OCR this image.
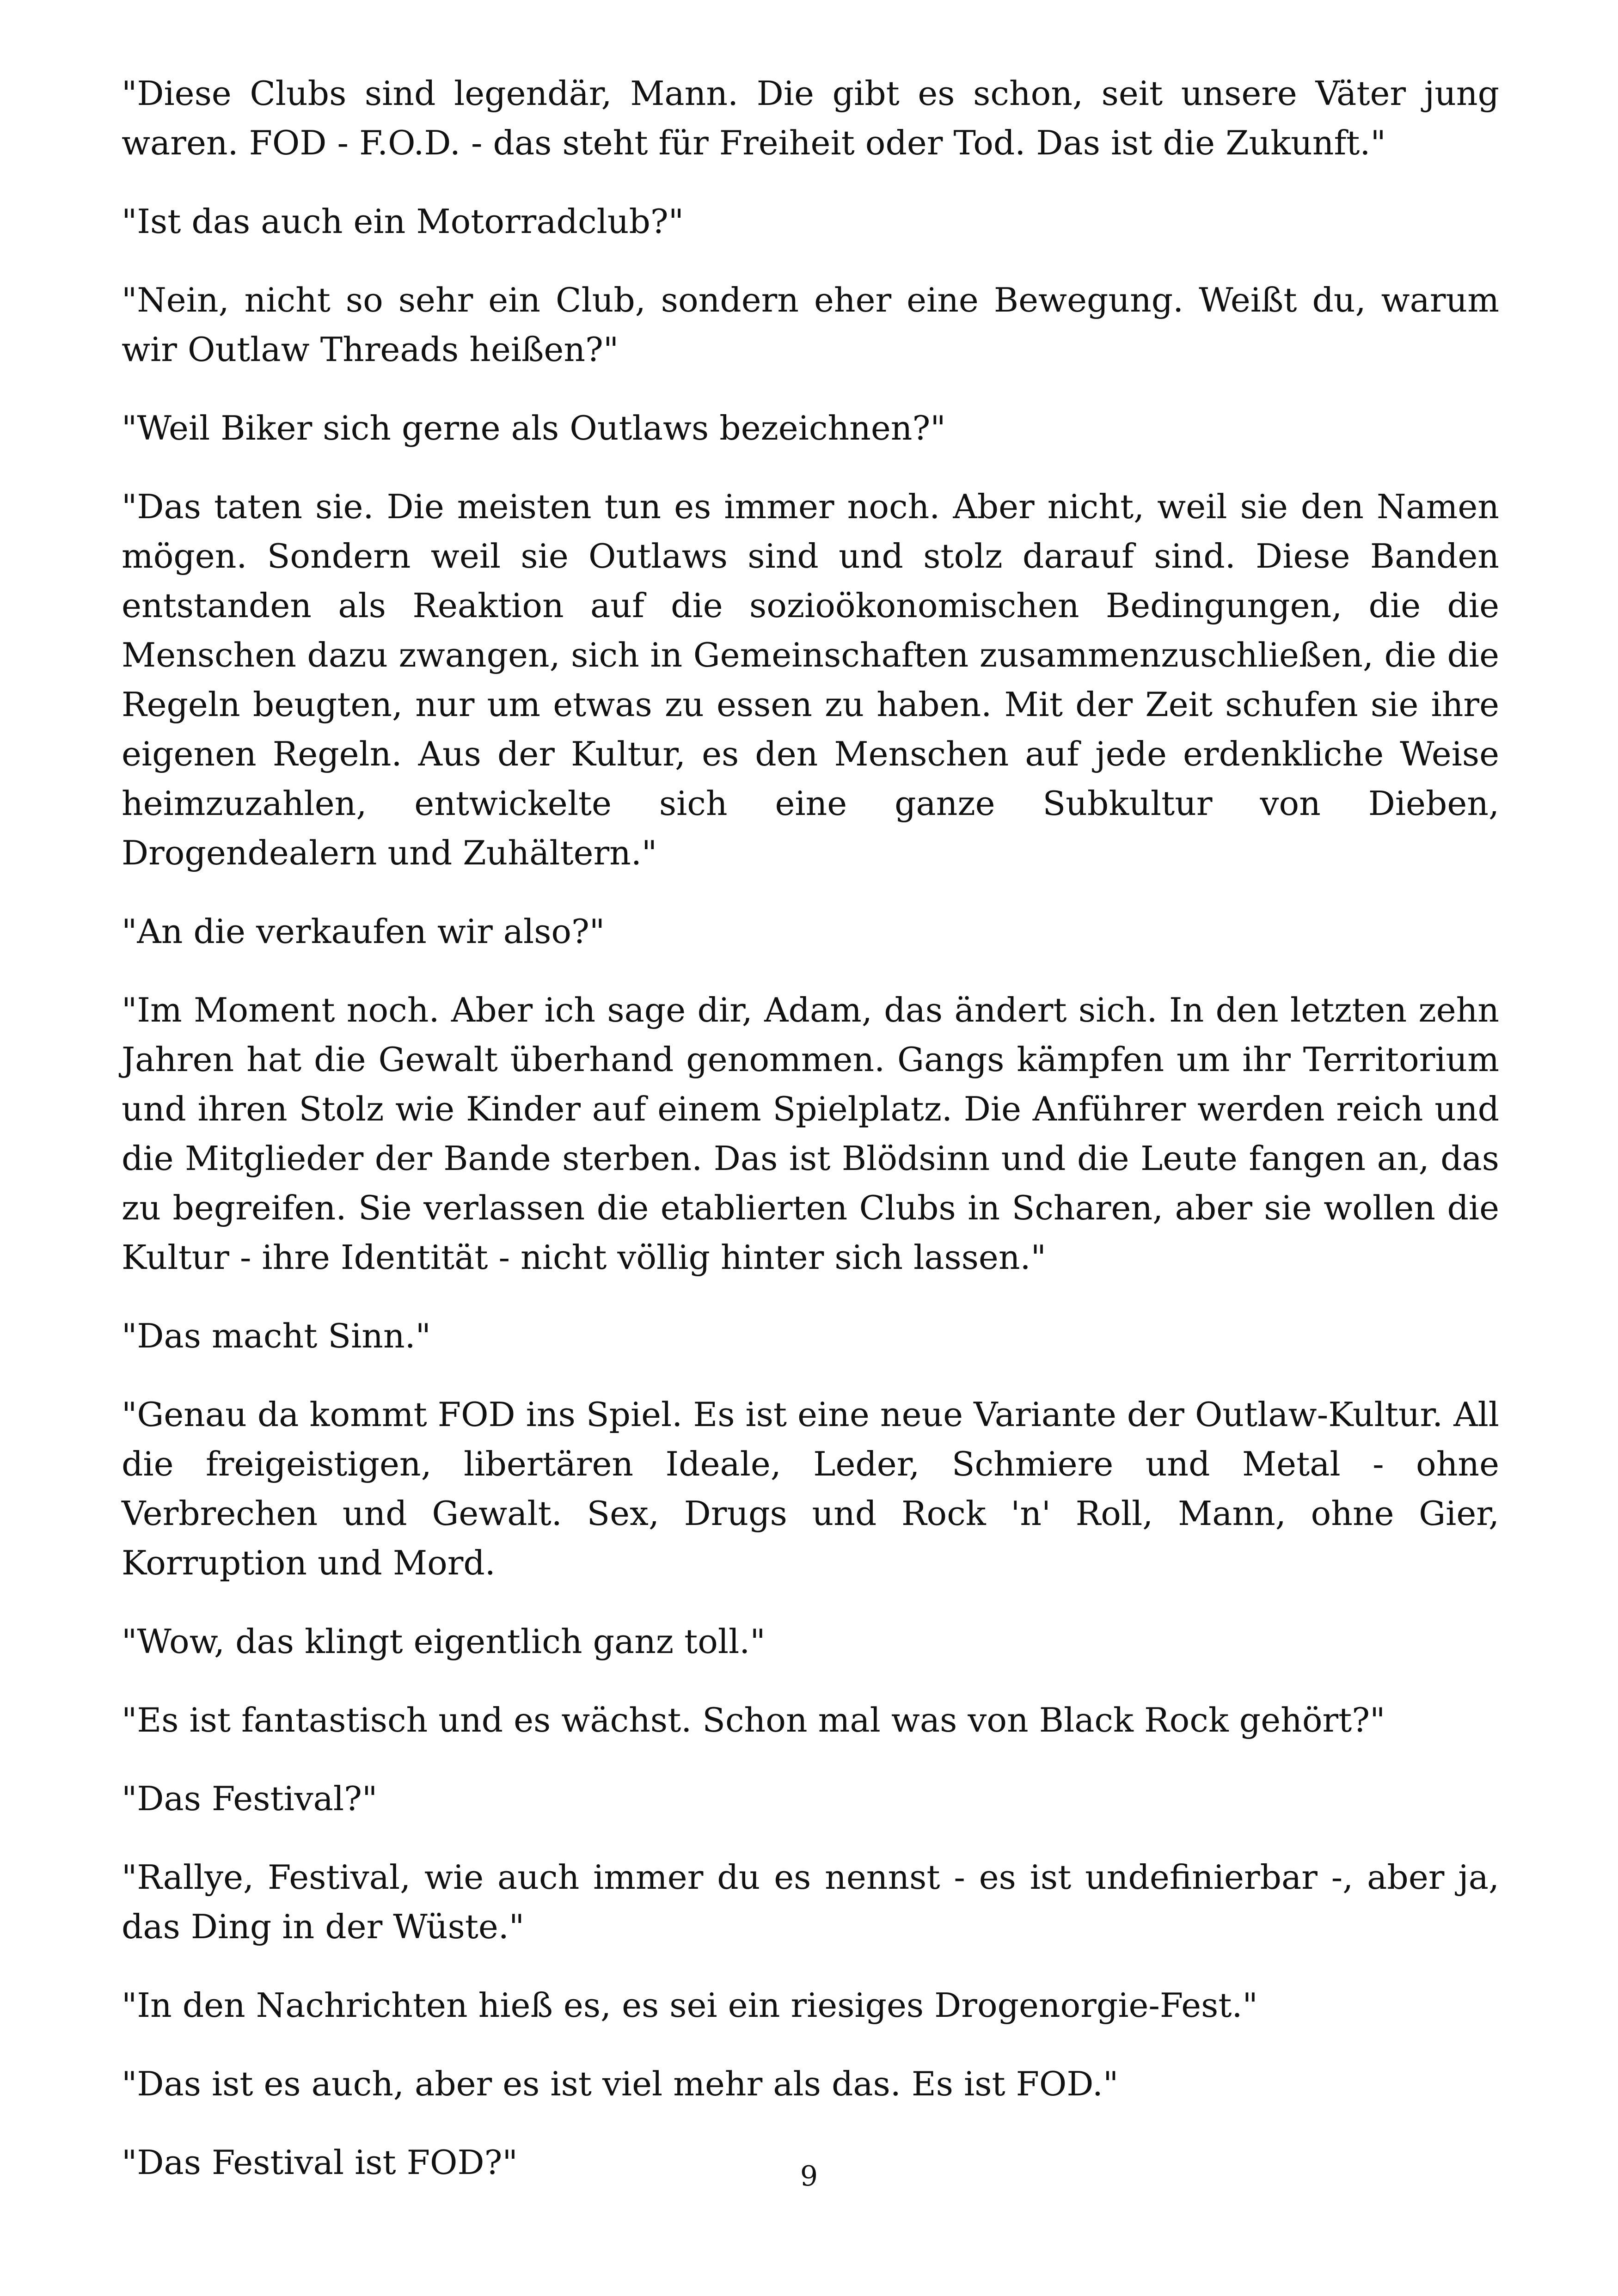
"Diese Clubs sind legendär, Mann. Die gibt es schon, seit unsere Väter jung waren. FOD - F.O.D. - das steht für Freiheit oder Tod. Das ist die Zukunft."

"Ist das auch ein Motorradclub?"

"Nein, nicht so sehr ein Club, sondern eher eine Bewegung. Weißt du, warum wir Outlaw Threads heißen?"

"Weil Biker sich gerne als Outlaws bezeichnen?"

"Das taten sie. Die meisten tun es immer noch. Aber nicht, weil sie den Namen mögen. Sondern weil sie Outlaws sind und stolz darauf sind. Diese Banden entstanden als Reaktion auf die sozioökonomischen Bedingungen, die die Menschen dazu zwangen, sich in Gemeinschaften zusammenzuschließen, die die Regeln beugten, nur um etwas zu essen zu haben. Mit der Zeit schufen sie ihre eigenen Regeln. Aus der Kultur, es den Menschen auf jede erdenkliche Weise heimzuzahlen, entwickelte sich eine ganze Subkultur von Dieben, Drogendealern und Zuhältern."

"An die verkaufen wir also?"

"Im Moment noch. Aber ich sage dir, Adam, das ändert sich. In den letzten zehn Jahren hat die Gewalt überhand genommen. Gangs kämpfen um ihr Territorium und ihren Stolz wie Kinder auf einem Spielplatz. Die Anführer werden reich und die Mitglieder der Bande sterben. Das ist Blödsinn und die Leute fangen an, das zu begreifen. Sie verlassen die etablierten Clubs in Scharen, aber sie wollen die Kultur - ihre Identität - nicht völlig hinter sich lassen."

"Das macht Sinn."

"Genau da kommt FOD ins Spiel. Es ist eine neue Variante der Outlaw-Kultur. All die freigeistigen, libertären Ideale, Leder, Schmiere und Metal - ohne Verbrechen und Gewalt. Sex, Drugs und Rock 'n' Roll, Mann, ohne Gier, Korruption und Mord.

"Wow, das klingt eigentlich ganz toll."

"Es ist fantastisch und es wächst. Schon mal was von Black Rock gehört?"

"Das Festival?"

"Rallye, Festival, wie auch immer du es nennst - es ist undefinierbar -, aber ja, das Ding in der Wüste."

"In den Nachrichten hieß es, es sei ein riesiges Drogenorgie-Fest."

"Das ist es auch, aber es ist viel mehr als das. Es ist FOD."

"Das Festival ist FOD?"	9
